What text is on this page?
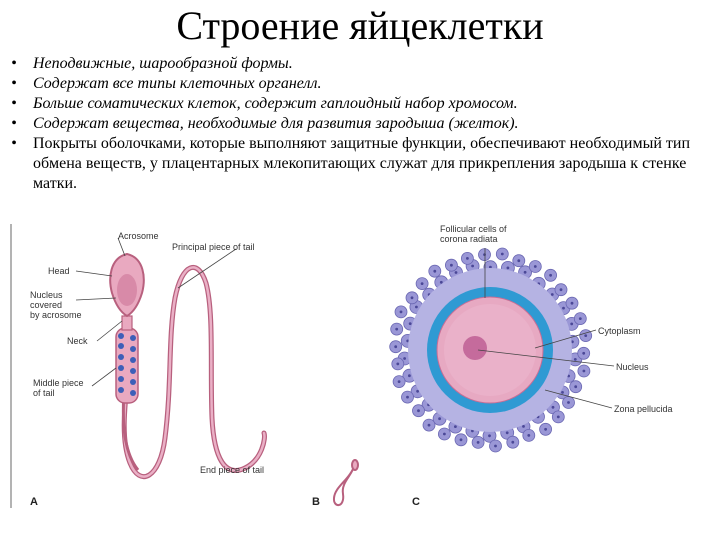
Строение яйцеклетки
• Неподвижные, шарообразной формы.
• Содержат все типы клеточных органелл.
• Больше соматических клеток, содержит гаплоидный набор хромосом.
• Содержат вещества, необходимые для развития зародыша (желток).
• Покрыты оболочками, которые выполняют защитные функции, обеспечивают необходимый тип обмена веществ, у плацентарных млекопитающих служат для прикрепления зародыша к стенке матки.
Acrosome
Principal piece of tail
Head
Nucleus
covered
by acrosome
Neck
Middle piece
of tail
End piece of tail
Follicular cells of
corona radiata
Cytoplasm
Nucleus
Zona pellucida
A	B	C
